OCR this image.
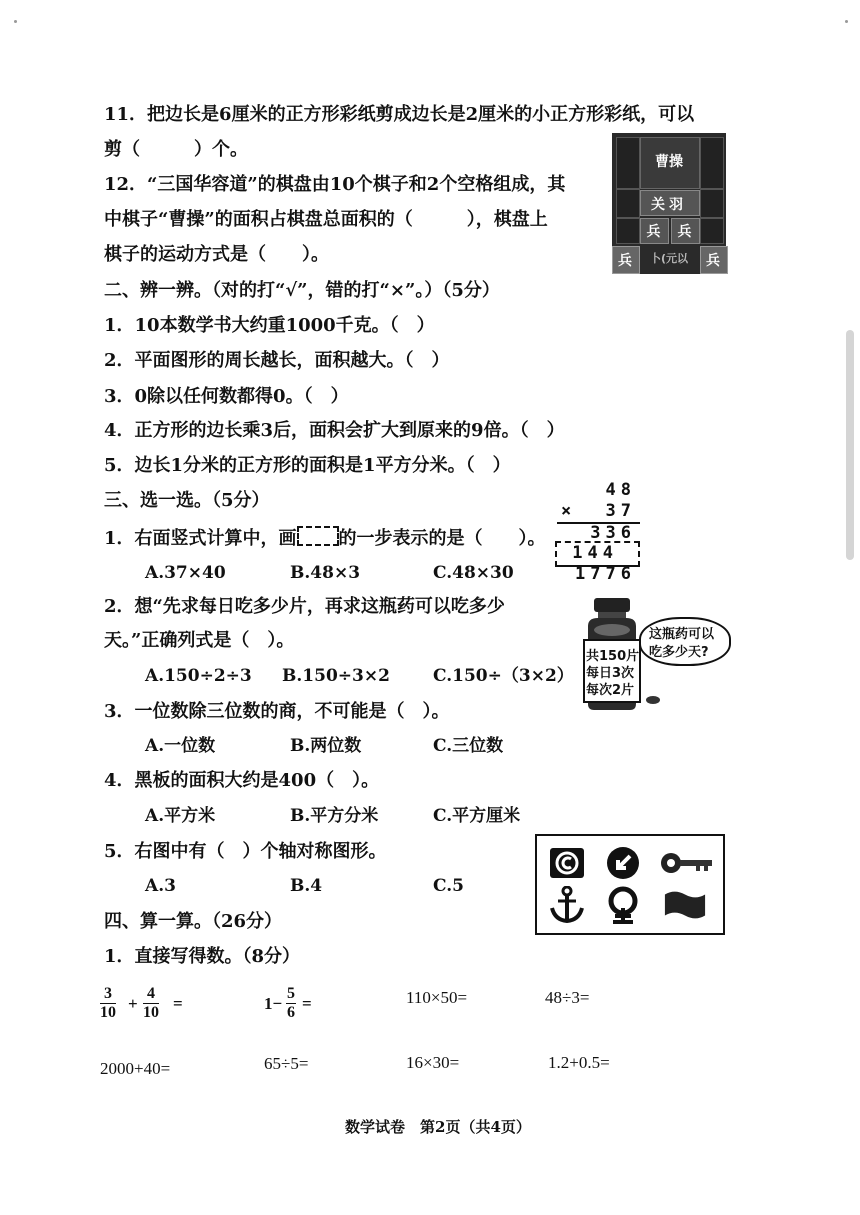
11．把边长是6厘米的正方形彩纸剪成边长是2厘米的小正方形彩纸，可以
剪（　　　）个。
12．“三国华容道”的棋盘由10个棋子和2个空格组成，其
中棋子“曹操”的面积占棋盘总面积的（　　　），棋盘上
棋子的运动方式是（　　）。
曹操
关羽
兵	兵
兵	卜(元以	兵
二、辨一辨。（对的打“√”，错的打“×”。）（5分）
1．10本数学书大约重1000千克。（　）
2．平面图形的周长越长，面积越大。（　）
3．0除以任何数都得0。（　）
4．正方形的边长乘3后，面积会扩大到原来的9倍。（　）
5．边长1分米的正方形的面积是1平方分米。（　）
三、选一选。（5分）
1．右面竖式计算中，画 的一步表示的是（　　）。
A.37×40	B.48×3	C.48×30
48
× 37
336
144
1776
2．想“先求每日吃多少片，再求这瓶药可以吃多少
天。”正确列式是（　）。
A.150÷2÷3 B.150÷3×2	C.150÷（3×2）
共150片
每日3次
每次2片
这瓶药可以
吃多少天?
3．一位数除三位数的商，不可能是（　）。
A.一位数	B.两位数	C.三位数
4．黑板的面积大约是400（　）。
A.平方米	B.平方分米	C.平方厘米
5．右图中有（　）个轴对称图形。
A.3	B.4	C.5
四、算一算。（26分）
1．直接写得数。（8分）
$\frac{3}{10} + \frac{4}{10}$ =	$1- \frac{5}{6}$ =	110×50=	48÷3=
2000+40=	65÷5=	16×30=	1.2+0.5=
数学试卷　第2页（共4页）
